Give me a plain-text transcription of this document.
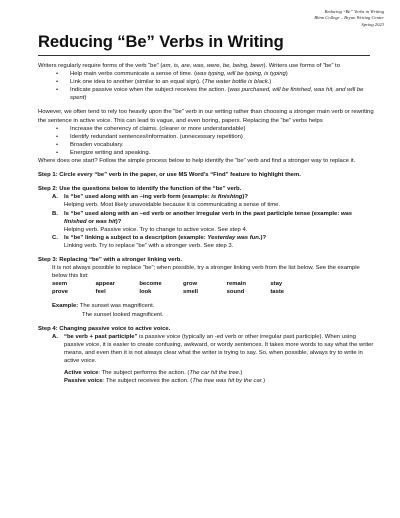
Reducing “Be” Verbs in Writing
Blinn College – Bryan Writing Center
Spring 2023
Reducing “Be” Verbs in Writing

Writers regularly require forms of the verb “be” (am, is, are, was, were, be, being, been). Writers use forms of “be” to

• Help main verbs communicate a sense of time. (was typing, will be typing, is typing)
• Link one idea to another (similar to an equal sign). (The water bottle is black.)
• Indicate passive voice when the subject receives the action. (was purchased, will be finished, was hit, and will be spent)

However, we often tend to rely too heavily upon the “be” verb in our writing rather than choosing a stronger main verb or rewriting the sentence in active voice. This can lead to vague, and even boring, papers. Replacing the “be” verbs helps

• Increase the coherency of claims. (clearer or more understandable)
• Identify redundant sentences/information. (unnecessary repetition)
• Broaden vocabulary.
• Energize writing and speaking.

Where does one start? Follow the simple process below to help identify the “be” verb and find a stronger way to replace it.

Step 1: Circle every “be” verb in the paper, or use MS Word’s “Find” feature to highlight them.

Step 2: Use the questions below to identify the function of the “be” verb.

A. Is “be” used along with an –ing verb form (example: is finishing)?
Helping verb. Most likely unavoidable because it is communicating a sense of time.
B. Is “be” used along with an –ed verb or another irregular verb in the past participle tense (example: was finished or was hit)?
Helping verb. Passive voice. Try to change to active voice. See step 4.
C. Is “be” linking a subject to a description (example: Yesterday was fun.)?
Linking verb. Try to replace “be” with a stronger verb. See step 3.

Step 3: Replacing “be” with a stronger linking verb.

It is not always possible to replace “be”; when possible, try a stronger linking verb from the list below. See the example below this list:

seem	appear	become	grow	remain	stay
prove	feel	look	smell	sound	taste

Example: The sunset was magnificent.

The sunset looked magnificent.

Step 4: Changing passive voice to active voice.

A. “be verb + past participle” is passive voice (typically an -ed verb or other irregular past participle). When using passive voice, it is easier to create confusing, awkward, or wordy sentences. It takes more words to say what the writer means, and even then it is not always clear what the writer is trying to say. So, when possible, always try to write in active voice.

Active voice: The subject performs the action. (The car hit the tree.)

Passive voice: The subject receives the action. (The tree was hit by the car.)
